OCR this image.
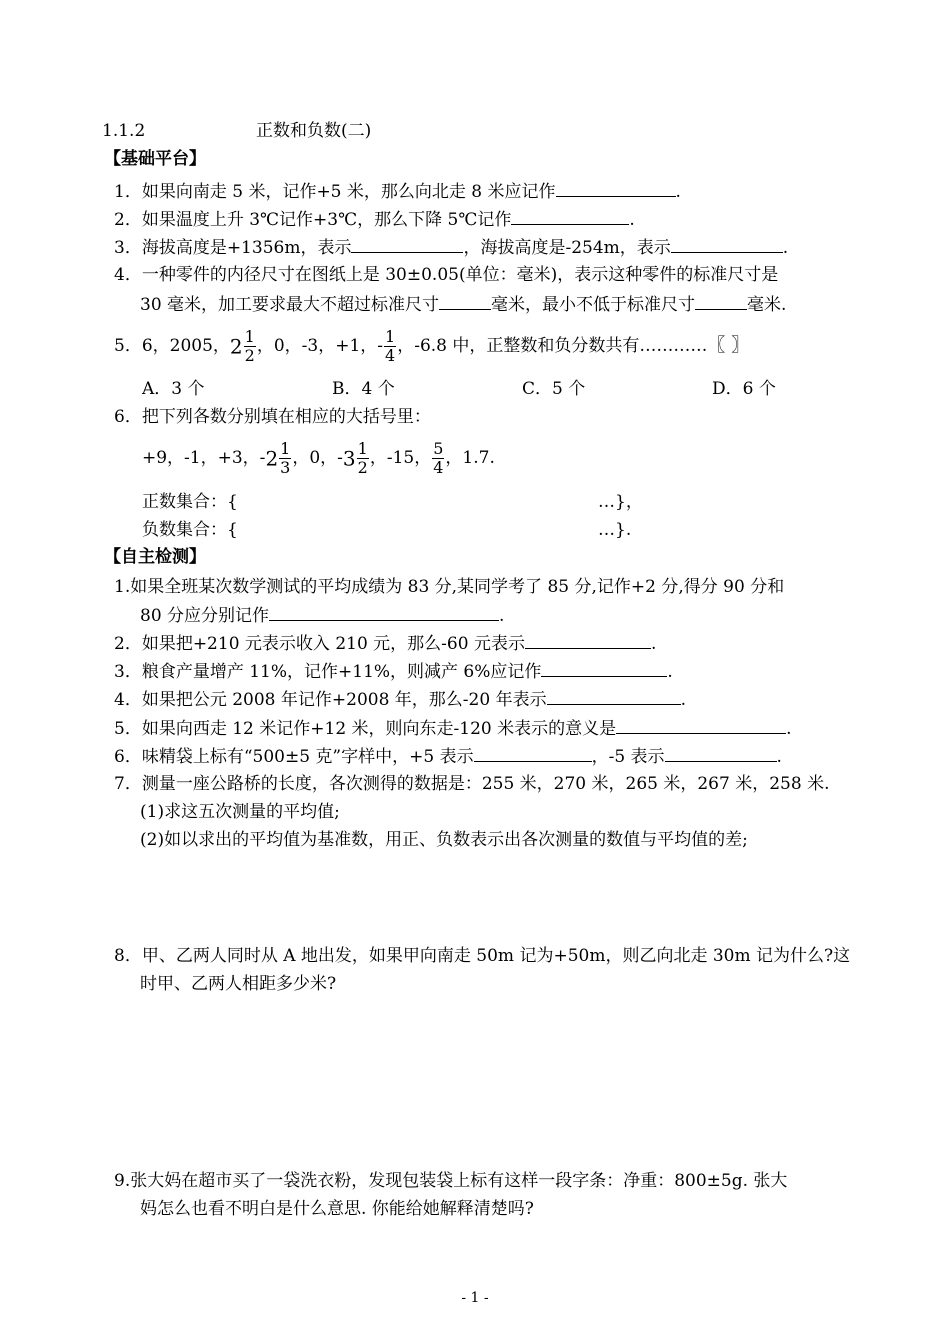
1.1.2	正数和负数(二)
【基础平台】
1．如果向南走 5 米，记作+5 米，那么向北走 8 米应记作	.
2．如果温度上升 3℃记作+3℃，那么下降 5℃记作	.
3．海拔高度是+1356m，表示	，海拔高度是-254m，表示	.
4．一种零件的内径尺寸在图纸上是 30±0.05(单位：毫米)，表示这种零件的标准尺寸是
30 毫米，加工要求最大不超过标准尺寸	毫米，最小不低于标准尺寸	毫米.
5．6，2005，$2 \frac{1}{2}$ ，0，-3，+1，- $\frac{1}{4}$ ，-6.8 中，正整数和负分数共有…………〖 〗
A．3 个	B．4 个	C．5 个	D．6 个
6．把下列各数分别填在相应的大括号里：
+9，-1，+3，$-2 \frac{1}{3}$ ，0，$-3 \frac{1}{2}$ ，-15， $\frac{5}{4}$ ，1.7.
正数集合：{	…}，
负数集合：{	…}.
【自主检测】
1.如果全班某次数学测试的平均成绩为 83 分,某同学考了 85 分,记作+2 分,得分 90 分和
80 分应分别记作	.
2．如果把+210 元表示收入 210 元，那么-60 元表示	.
3．粮食产量增产 11%，记作+11%，则减产 6%应记作	.
4．如果把公元 2008 年记作+2008 年，那么-20 年表示	.
5．如果向西走 12 米记作+12 米，则向东走-120 米表示的意义是	.
6．味精袋上标有“500±5 克”字样中，+5 表示	，-5 表示	.
7．测量一座公路桥的长度，各次测得的数据是：255 米，270 米，265 米，267 米，258 米.
(1)求这五次测量的平均值;
(2)如以求出的平均值为基准数，用正、负数表示出各次测量的数值与平均值的差;
8．甲、乙两人同时从 A 地出发，如果甲向南走 50m 记为+50m，则乙向北走 30m 记为什么?这
时甲、乙两人相距多少米?
9.张大妈在超市买了一袋洗衣粉，发现包装袋上标有这样一段字条：净重：800±5g. 张大
妈怎么也看不明白是什么意思. 你能给她解释清楚吗?
- 1 -
